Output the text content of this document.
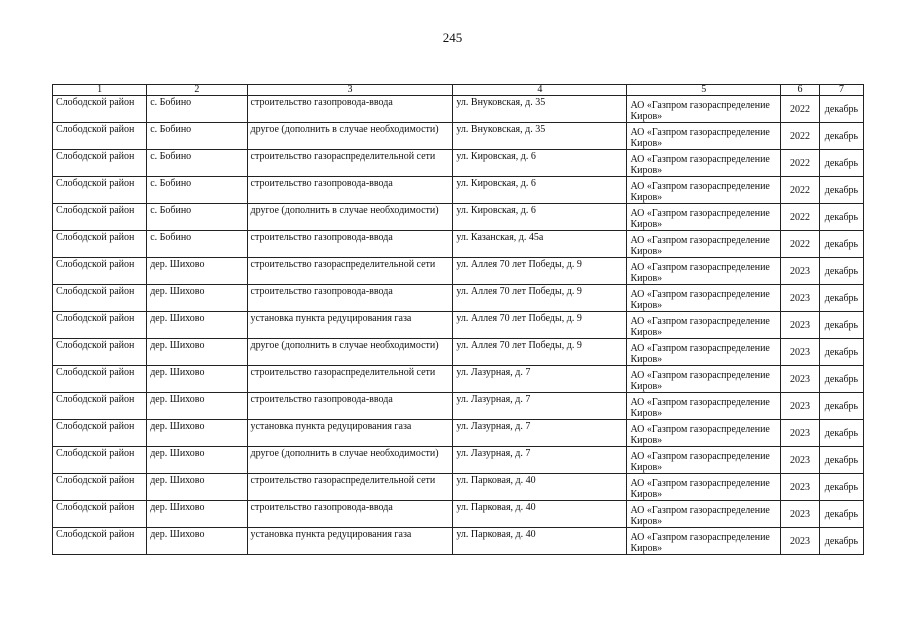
245
1	2	3	4	5	6	7
Слободской район	с. Бобино	строительство газопровода-ввода	ул. Внуковская, д. 35	АО «Газпром газораспределение Киров»	2022	декабрь
Слободской район	с. Бобино	другое (дополнить в случае необходимости)	ул. Внуковская, д. 35	АО «Газпром газораспределение Киров»	2022	декабрь
Слободской район	с. Бобино	строительство газораспределительной сети	ул. Кировская, д. 6	АО «Газпром газораспределение Киров»	2022	декабрь
Слободской район	с. Бобино	строительство газопровода-ввода	ул. Кировская, д. 6	АО «Газпром газораспределение Киров»	2022	декабрь
Слободской район	с. Бобино	другое (дополнить в случае необходимости)	ул. Кировская, д. 6	АО «Газпром газораспределение Киров»	2022	декабрь
Слободской район	с. Бобино	строительство газопровода-ввода	ул. Казанская, д. 45а	АО «Газпром газораспределение Киров»	2022	декабрь
Слободской район	дер. Шихово	строительство газораспределительной сети	ул. Аллея 70 лет Победы, д. 9	АО «Газпром газораспределение Киров»	2023	декабрь
Слободской район	дер. Шихово	строительство газопровода-ввода	ул. Аллея 70 лет Победы, д. 9	АО «Газпром газораспределение Киров»	2023	декабрь
Слободской район	дер. Шихово	установка пункта редуцирования газа	ул. Аллея 70 лет Победы, д. 9	АО «Газпром газораспределение Киров»	2023	декабрь
Слободской район	дер. Шихово	другое (дополнить в случае необходимости)	ул. Аллея 70 лет Победы, д. 9	АО «Газпром газораспределение Киров»	2023	декабрь
Слободской район	дер. Шихово	строительство газораспределительной сети	ул. Лазурная, д. 7	АО «Газпром газораспределение Киров»	2023	декабрь
Слободской район	дер. Шихово	строительство газопровода-ввода	ул. Лазурная, д. 7	АО «Газпром газораспределение Киров»	2023	декабрь
Слободской район	дер. Шихово	установка пункта редуцирования газа	ул. Лазурная, д. 7	АО «Газпром газораспределение Киров»	2023	декабрь
Слободской район	дер. Шихово	другое (дополнить в случае необходимости)	ул. Лазурная, д. 7	АО «Газпром газораспределение Киров»	2023	декабрь
Слободской район	дер. Шихово	строительство газораспределительной сети	ул. Парковая, д. 40	АО «Газпром газораспределение Киров»	2023	декабрь
Слободской район	дер. Шихово	строительство газопровода-ввода	ул. Парковая, д. 40	АО «Газпром газораспределение Киров»	2023	декабрь
Слободской район	дер. Шихово	установка пункта редуцирования газа	ул. Парковая, д. 40	АО «Газпром газораспределение Киров»	2023	декабрь
